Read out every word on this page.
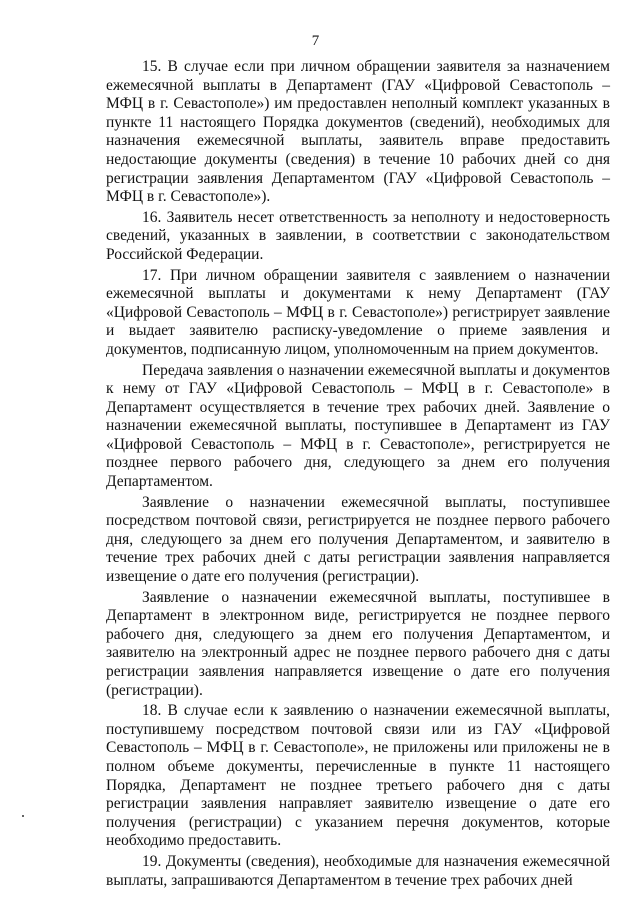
7

15. В случае если при личном обращении заявителя за назначением ежемесячной выплаты в Департамент (ГАУ «Цифровой Севастополь – МФЦ в г. Севастополе») им предоставлен неполный комплект указанных в пункте 11 настоящего Порядка документов (сведений), необходимых для назначения ежемесячной выплаты, заявитель вправе предоставить недостающие документы (сведения) в течение 10 рабочих дней со дня регистрации заявления Департаментом (ГАУ «Цифровой Севастополь – МФЦ в г. Севастополе»).

16. Заявитель несет ответственность за неполноту и недостоверность сведений, указанных в заявлении, в соответствии с законодательством Российской Федерации.

17. При личном обращении заявителя с заявлением о назначении ежемесячной выплаты и документами к нему Департамент (ГАУ «Цифровой Севастополь – МФЦ в г. Севастополе») регистрирует заявление и выдает заявителю расписку-уведомление о приеме заявления и документов, подписанную лицом, уполномоченным на прием документов.

Передача заявления о назначении ежемесячной выплаты и документов к нему от ГАУ «Цифровой Севастополь – МФЦ в г. Севастополе» в Департамент осуществляется в течение трех рабочих дней. Заявление о назначении ежемесячной выплаты, поступившее в Департамент из ГАУ «Цифровой Севастополь – МФЦ в г. Севастополе», регистрируется не позднее первого рабочего дня, следующего за днем его получения Департаментом.

Заявление о назначении ежемесячной выплаты, поступившее посредством почтовой связи, регистрируется не позднее первого рабочего дня, следующего за днем его получения Департаментом, и заявителю в течение трех рабочих дней с даты регистрации заявления направляется извещение о дате его получения (регистрации).

Заявление о назначении ежемесячной выплаты, поступившее в Департамент в электронном виде, регистрируется не позднее первого рабочего дня, следующего за днем его получения Департаментом, и заявителю на электронный адрес не позднее первого рабочего дня с даты регистрации заявления направляется извещение о дате его получения (регистрации).

18. В случае если к заявлению о назначении ежемесячной выплаты, поступившему посредством почтовой связи или из ГАУ «Цифровой Севастополь – МФЦ в г. Севастополе», не приложены или приложены не в полном объеме документы, перечисленные в пункте 11 настоящего Порядка, Департамент не позднее третьего рабочего дня с даты регистрации заявления направляет заявителю извещение о дате его получения (регистрации) с указанием перечня документов, которые необходимо предоставить.

19. Документы (сведения), необходимые для назначения ежемесячной выплаты, запрашиваются Департаментом в течение трех рабочих дней
